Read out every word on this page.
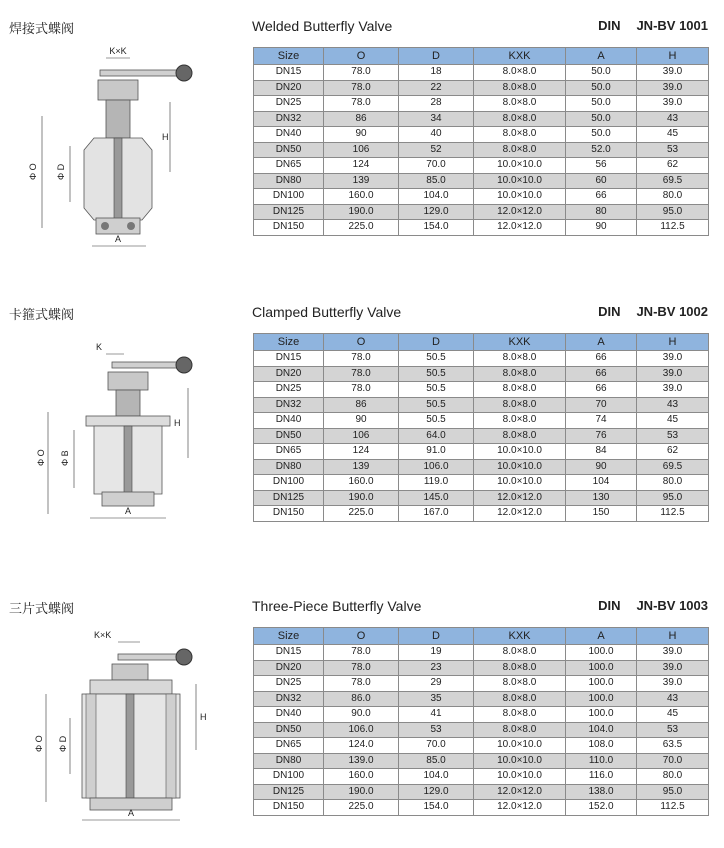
焊接式蝶阀	Welded Butterfly Valve	DIN JN-BV 1001
K×K
H
Φ O Φ D
A
Size	O	D	KXK	A	H
DN15	78.0	18	8.0×8.0	50.0	39.0
DN20	78.0	22	8.0×8.0	50.0	39.0
DN25	78.0	28	8.0×8.0	50.0	39.0
DN32	86	34	8.0×8.0	50.0	43
DN40	90	40	8.0×8.0	50.0	45
DN50	106	52	8.0×8.0	52.0	53
DN65	124	70.0	10.0×10.0	56	62
DN80	139	85.0	10.0×10.0	60	69.5
DN100	160.0	104.0	10.0×10.0	66	80.0
DN125	190.0	129.0	12.0×12.0	80	95.0
DN150	225.0	154.0	12.0×12.0	90	112.5
卡箍式蝶阀	Clamped Butterfly Valve	DIN JN-BV 1002
K
H
Φ O Φ B
A
Size	O	D	KXK	A	H
DN15	78.0	50.5	8.0×8.0	66	39.0
DN20	78.0	50.5	8.0×8.0	66	39.0
DN25	78.0	50.5	8.0×8.0	66	39.0
DN32	86	50.5	8.0×8.0	70	43
DN40	90	50.5	8.0×8.0	74	45
DN50	106	64.0	8.0×8.0	76	53
DN65	124	91.0	10.0×10.0	84	62
DN80	139	106.0	10.0×10.0	90	69.5
DN100	160.0	119.0	10.0×10.0	104	80.0
DN125	190.0	145.0	12.0×12.0	130	95.0
DN150	225.0	167.0	12.0×12.0	150	112.5
三片式蝶阀	Three-Piece Butterfly Valve	DIN JN-BV 1003
K×K
H
Φ O Φ D
A
Size	O	D	KXK	A	H
DN15	78.0	19	8.0×8.0	100.0	39.0
DN20	78.0	23	8.0×8.0	100.0	39.0
DN25	78.0	29	8.0×8.0	100.0	39.0
DN32	86.0	35	8.0×8.0	100.0	43
DN40	90.0	41	8.0×8.0	100.0	45
DN50	106.0	53	8.0×8.0	104.0	53
DN65	124.0	70.0	10.0×10.0	108.0	63.5
DN80	139.0	85.0	10.0×10.0	110.0	70.0
DN100	160.0	104.0	10.0×10.0	116.0	80.0
DN125	190.0	129.0	12.0×12.0	138.0	95.0
DN150	225.0	154.0	12.0×12.0	152.0	112.5
